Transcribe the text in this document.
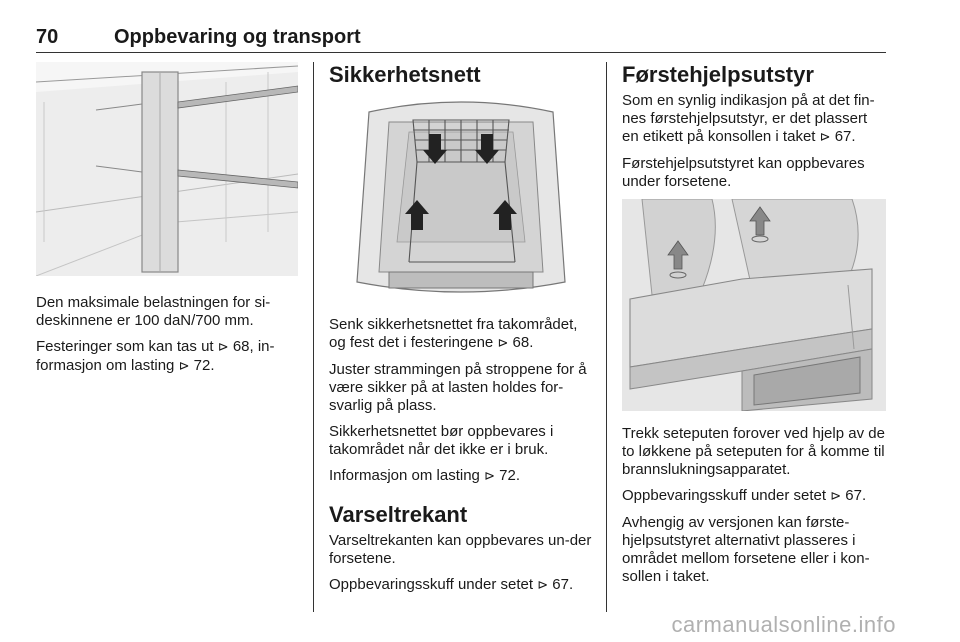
70	Oppbevaring og transport

Den maksimale belastningen for si-deskinnene er 100 daN/700 mm.

Festeringer som kan tas ut ⊳ 68, in-formasjon om lasting ⊳ 72.

Sikkerhetsnett

Senk sikkerhetsnettet fra takområdet, og fest det i festeringene ⊳ 68.

Juster strammingen på stroppene for å være sikker på at lasten holdes for-svarlig på plass.

Sikkerhetsnettet bør oppbevares i takområdet når det ikke er i bruk.

Informasjon om lasting ⊳ 72.

Varseltrekant

Varseltrekanten kan oppbevares un-der forsetene.

Oppbevaringsskuff under setet ⊳ 67.

Førstehjelpsutstyr

Som en synlig indikasjon på at det fin-nes førstehjelpsutstyr, er det plassert en etikett på konsollen i taket ⊳ 67.

Førstehjelpsutstyret kan oppbevares under forsetene.

Trekk seteputen forover ved hjelp av de to løkkene på seteputen for å komme til brannslukningsapparatet.

Oppbevaringsskuff under setet ⊳ 67.

Avhengig av versjonen kan første-hjelpsutstyret alternativt plasseres i området mellom forsetene eller i kon-sollen i taket.

carmanualsonline.info
